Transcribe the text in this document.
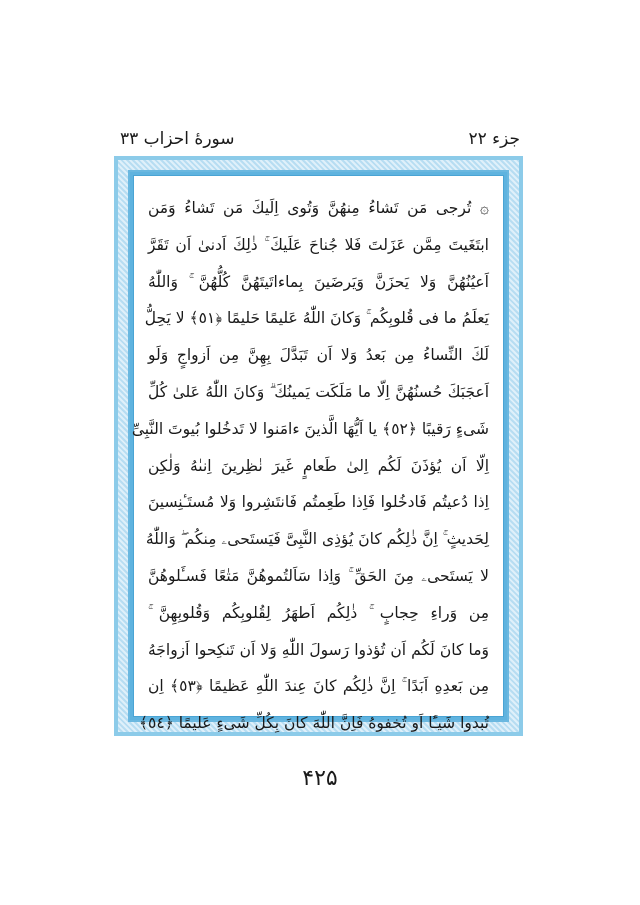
جزء ۲۲
سوره‌ٔ احزاب ۳۳
۞ تُرجی مَن تَشاءُ مِنهُنَّ وَتُوی اِلَیكَ مَن تَشاءُ وَمَن
ابتَغَیتَ مِمَّن عَزَلتَ فَلا جُناحَ عَلَیكَ ۚ ذٰلِكَ اَدنیٰ اَن تَقَرَّ
اَعیُنُهُنَّ وَلا یَحزَنَّ وَیَرضَینَ بِماءاتَیتَهُنَّ كُلُّهُنَّ ۚ وَاللّٰهُ
یَعلَمُ ما فی قُلوبِكُم ۚ وَكانَ اللّٰهُ عَلیمًا حَلیمًا ﴿٥١﴾ لا یَحِلُّ
لَكَ النِّساءُ مِن بَعدُ وَلا اَن تَبَدَّلَ بِهِنَّ مِن اَزواجٍ وَلَو
اَعجَبَكَ حُسنُهُنَّ اِلّا ما مَلَكَت یَمینُكَ ۗ وَكانَ اللّٰهُ عَلیٰ كُلِّ
شَیءٍ رَقیبًا ﴿٥٢﴾ یا اَیُّهَا الَّذینَ ءامَنوا لا تَدخُلوا بُیوتَ النَّبِیِّ
اِلّا اَن یُؤذَنَ لَكُم اِلیٰ طَعامٍ غَیرَ نٰظِرینَ اِنىٰهُ وَلٰكِن
اِذا دُعیتُم فَادخُلوا فَاِذا طَعِمتُم فَانتَشِروا وَلا مُستَـٔنِسینَ
لِحَدیثٍ ۚ اِنَّ ذٰلِكُم كانَ یُؤذِی النَّبِیَّ فَیَستَحیۦ مِنكُم ۖ وَاللّٰهُ
لا یَستَحیۦ مِنَ الحَقِّ ۚ وَاِذا سَاَلتُموهُنَّ مَتٰعًا فَسـَٔلوهُنَّ
مِن وَراءِ حِجابٍ ۚ ذٰلِكُم اَطهَرُ لِقُلوبِكُم وَقُلوبِهِنَّ ۚ
وَما كانَ لَكُم اَن تُؤذوا رَسولَ اللّٰهِ وَلا اَن تَنكِحوا اَزواجَهُ
مِن بَعدِهِ اَبَدًا ۚ اِنَّ ذٰلِكُم كانَ عِندَ اللّٰهِ عَظیمًا ﴿٥٣﴾ اِن
تُبدوا شَیـًٔا اَو تُخفوهُ فَاِنَّ اللّٰهَ كانَ بِكُلِّ شَیءٍ عَلیمًا ﴿٥٤﴾
۴۲۵
